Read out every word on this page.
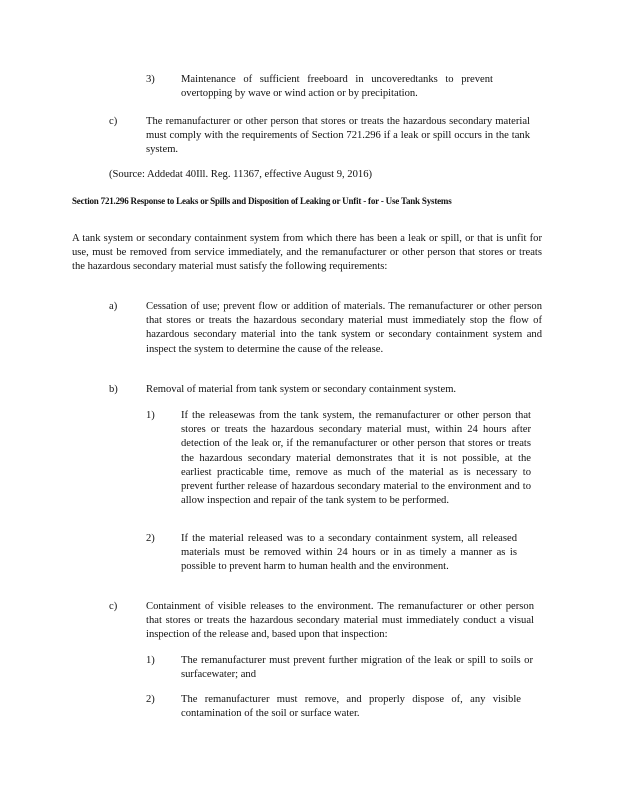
3) Maintenance of sufficient freeboard in uncoveredtanks to prevent overtopping by wave or wind action or by precipitation.
c)	The remanufacturer or other person that stores or treats the hazardous secondary material must comply with the requirements of Section 721.296 if a leak or spill occurs in the tank system.
(Source: Addedat 40Ill. Reg. 11367, effective August 9, 2016)
Section 721.296 Response to Leaks or Spills and Disposition of Leaking or Unfit - for - Use Tank Systems
A tank system or secondary containment system from which there has been a leak or spill, or that is unfit for use, must be removed from service immediately, and the remanufacturer or other person that stores or treats the hazardous secondary material must satisfy the following requirements:
a)	Cessation of use; prevent flow or addition of materials. The remanufacturer or other person that stores or treats the hazardous secondary material must immediately stop the flow of hazardous secondary material into the tank system or secondary containment system and inspect the system to determine the cause of the release.
b)	Removal of material from tank system or secondary containment system.
1) If the releasewas from the tank system, the remanufacturer or other person that stores or treats the hazardous secondary material must, within 24 hours after detection of the leak or, if the remanufacturer or other person that stores or treats the hazardous secondary material demonstrates that it is not possible, at the earliest practicable time, remove as much of the material as is necessary to prevent further release of hazardous secondary material to the environment and to allow inspection and repair of the tank system to be performed.
2) If the material released was to a secondary containment system, all released materials must be removed within 24 hours or in as timely a manner as is possible to prevent harm to human health and the environment.
c)	Containment of visible releases to the environment. The remanufacturer or other person that stores or treats the hazardous secondary material must immediately conduct a visual inspection of the release and, based upon that inspection:
1) The remanufacturer must prevent further migration of the leak or spill to soils or surfacewater; and
2) The remanufacturer must remove, and properly dispose of, any visible contamination of the soil or surface water.
